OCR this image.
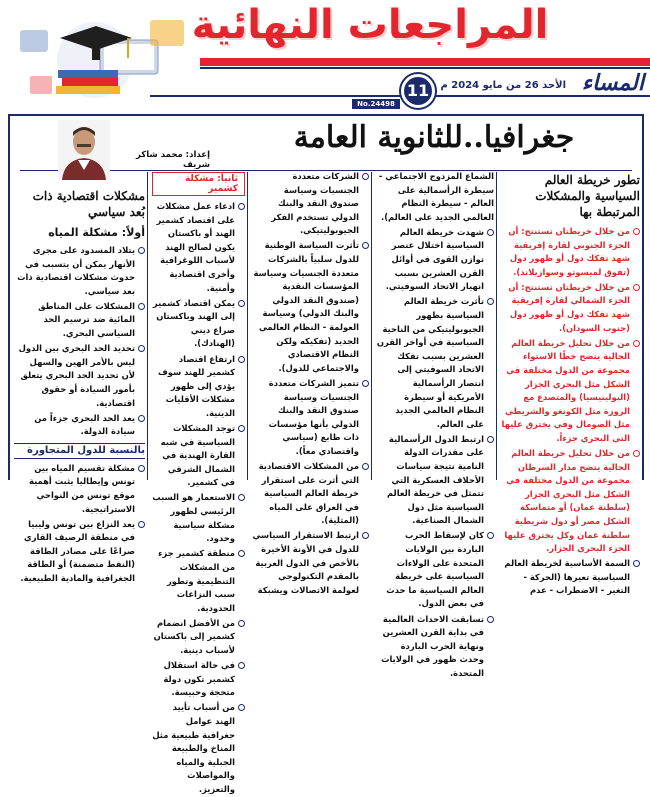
المراجعات النهائية
المساء
الأحد 26 من مايو 2024 م
11
No.24498
جغرافيا..للثانوية العامة
إعداد: محمد شاكر شريف
تطور خريطة العالم السياسية والمشكلات المرتبطة بها

من خلال خريطتان تستنتج: أن الجزء الجنوبي لقارة إفريقية شهد تفكك دول أو ظهور دول (تفوق لميسوتو وسوازيلاند).

من خلال خريطتان تستنتج: أن الجزء الشمالي لقارة إفريقية شهد تفكك دول أو ظهور دول (جنوب السودان).

من خلال تحليل خريطة العالم الحالية يتضح خطًا الاستواء مجموعة من الدول مختلفة في الشكل مثل البحري الجزار (البولينيسيا) والمتصدع مع الروزة مثل الكونغو والشريطي مثل الصومال وفي يخترق عليها التي البحري جزءاً.

من خلال تحليل خريطة العالم الحالية يتضح مدار السرطان مجموعة من الدول مختلفة في الشكل مثل البحري الجزار (سلطنة عمان) أو متماسكة الشكل مصر أو دول شريطية سلطنة عمان وكل يخترق عليها الجزء البحري الجزار.

السمة الأساسية لخريطة العالم السياسية تعيرها (الحركة - التغير - الاضطراب - عدم

الشماع المزدوج الاجتماعي - سيطرة الرأسمالية على العالم - سيطرة النظام العالمي الجديد على العالم).

شهدت خريطة العالم السياسية اختلال عنصر توازن القوى في أوائل القرن العشرين بسبب انهيار الاتحاد السوفيتي.

تأثرت خريطة العالم السياسية بظهور الجيوبوليتيكي من الناحية السياسية في أواخر القرن العشرين بسبب تفكك الاتحاد السوفيتي إلى انتصار الرأسمالية الأمريكية أو سيطرة النظام العالمي الجديد على العالم.

ارتبط الدول الرأسمالية على مقدرات الدولة النامية نتيجة سياسات الأحلاف العسكرية التي تتمثل في خريطة العالم السياسية مثل دول الشمال الصناعية.

كان لإسقاط الحرب الباردة بين الولايات المتحدة على الولاءات السياسية على خريطة العالم السياسية ما حدث في بعض الدول.

تسابقت الاحداث العالمية في بداية القرن العشرين ونهاية الحرب الباردة وحدث ظهور في الولايات المتحدة.

الشركات متعددة الجنسيات وسياسة صندوق النقد والبنك الدولي تستخدم الفكر الجيوبوليتيكي.

تأثرت السياسة الوطنية للدول سلبياً بالشركات متعددة الجنسيات وسياسة المؤسسات النقدية (صندوق النقد الدولي والبنك الدولي) وسياسة العولمة - النظام العالمي الجديد (تفكيكه ولكن النظام الاقتصادي والاجتماعي للدول).

تتميز الشركات متعددة الجنسيات وسياسة صندوق النقد والبنك الدولي بأنها مؤسسات ذات طابع (سياسي واقتصادي معاً).

من المشكلات الاقتصادية التي أثرت على استقرار خريطة العالم السياسية في العراق على المياه (المثلية).

ارتبط الاستقرار السياسي للدول في الأونة الأخيرة بالأخص في الدول العربية بالمقدم التكنولوجي لعولمة الاتصالات ويشبكة

ثانياً: مشكلة كشمير

ادعاء عمل مشكلات على اقتصاد كشمير الهند أو باكستان يكون لصالح الهند لأسباب اللوغرافية وأخرى اقتصادية وأمنية.

يمكن اقتصاد كشمير إلى الهند وباكستان صراع ديني (الهنادك).

ارتفاع اقتصاد كشمير للهند سوف يؤدي إلى ظهور مشكلات الأقليات الدينية.

توجد المشكلات السياسية في شبه القارة الهندية في الشمال الشرقي في كشمير.

الاستعمار هو السبب الرئيسي لظهور مشكلة سياسية وحدود.

منطقة كشمير جزء من المشكلات التنظيمية وتطور سبب النزاعات الحدودية.

من الأفضل انضمام كشمير إلى باكستان لأسباب دينية.

في حالة استقلال كشمير تكون دولة متحجة وحبيسة.

من أسباب تأييد الهند عوامل جغرافية طبيعية مثل المناخ والطبيعة الجبلية والمياه والمواصلات والتعزيز.

مشكلات اقتصادية ذات بُعد سياسي
أولاً: مشكلة المياه

يتلاد المسدود على مجرى الأنهار يمكن أن يتسبب في حدوث مشكلات اقتصادية ذات بعد سياسي.

المشكلات على المناطق المائية ضد ترسيم الحد السياسي البحري.

تحديد الحد البحري بين الدول ليس بالأمر الهين والسهل لأن تحديد الحد البحري يتعلق بأمور السيادة أو حقوق اقتصادية.

يعد الحد البحري جزءاً من سيادة الدولة.

بالنسبة للدول المتجاورة

مشكلة تقسيم المياه بين تونس وإيطاليا يثبت أهمية موقع تونس من النواحي الاستراتيجية.

يعد النزاع بين تونس وليبيا في منطقة الرصيف القاري صراعًا على مصادر الطاقة (النفط متضمنة) أو الطاقة الجغرافية والمادية الطبيعية.
